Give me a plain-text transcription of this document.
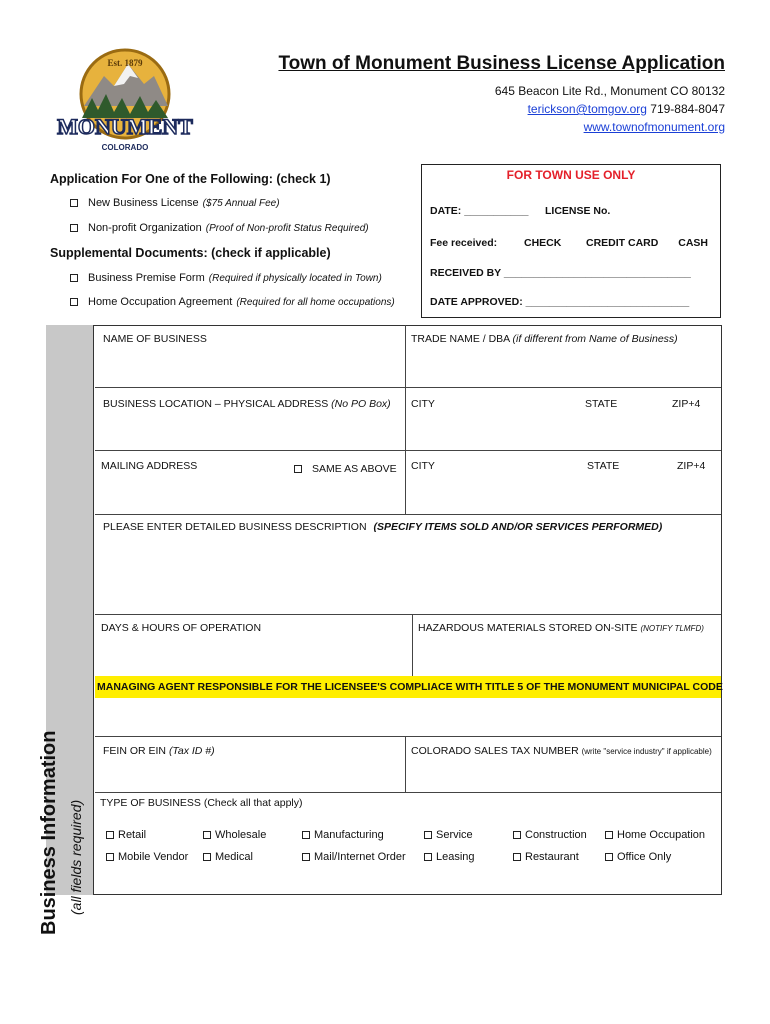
Est. 1879
MONUMENT
COLORADO
Town of Monument Business License Application
645 Beacon Lite Rd., Monument CO 80132
terickson@tomgov.org 719-884-8047
www.townofmonument.org
Application For One of the Following: (check 1)
New Business License ($75 Annual Fee)
Non-profit Organization (Proof of Non-profit Status Required)
Supplemental Documents: (check if applicable)
Business Premise Form (Required if physically located in Town)
Home Occupation Agreement (Required for all home occupations)
FOR TOWN USE ONLY
DATE: ___________ LICENSE No.
Fee received:	CHECK CREDIT CARD CASH
RECEIVED BY ________________________________
DATE APPROVED: ____________________________
Business Information (all fields required)
NAME OF BUSINESS	TRADE NAME / DBA (if different from Name of Business)
BUSINESS LOCATION – PHYSICAL ADDRESS (No PO Box) CITY	STATE	ZIP+4
MAILING ADDRESS	SAME AS ABOVE CITY	STATE	ZIP+4
PLEASE ENTER DETAILED BUSINESS DESCRIPTION (SPECIFY ITEMS SOLD AND/OR SERVICES PERFORMED)
DAYS & HOURS OF OPERATION	HAZARDOUS MATERIALS STORED ON-SITE (NOTIFY TLMFD)
MANAGING AGENT RESPONSIBLE FOR THE LICENSEE'S COMPLIACE WITH TITLE 5 OF THE MONUMENT MUNICIPAL CODE
FEIN OR EIN (Tax ID #)	COLORADO SALES TAX NUMBER (write "service industry" if applicable)
TYPE OF BUSINESS (Check all that apply)
Retail	Wholesale	Manufacturing	Service	Construction	Home Occupation
Mobile Vendor Medical	Mail/Internet Order	Leasing	Restaurant	Office Only
